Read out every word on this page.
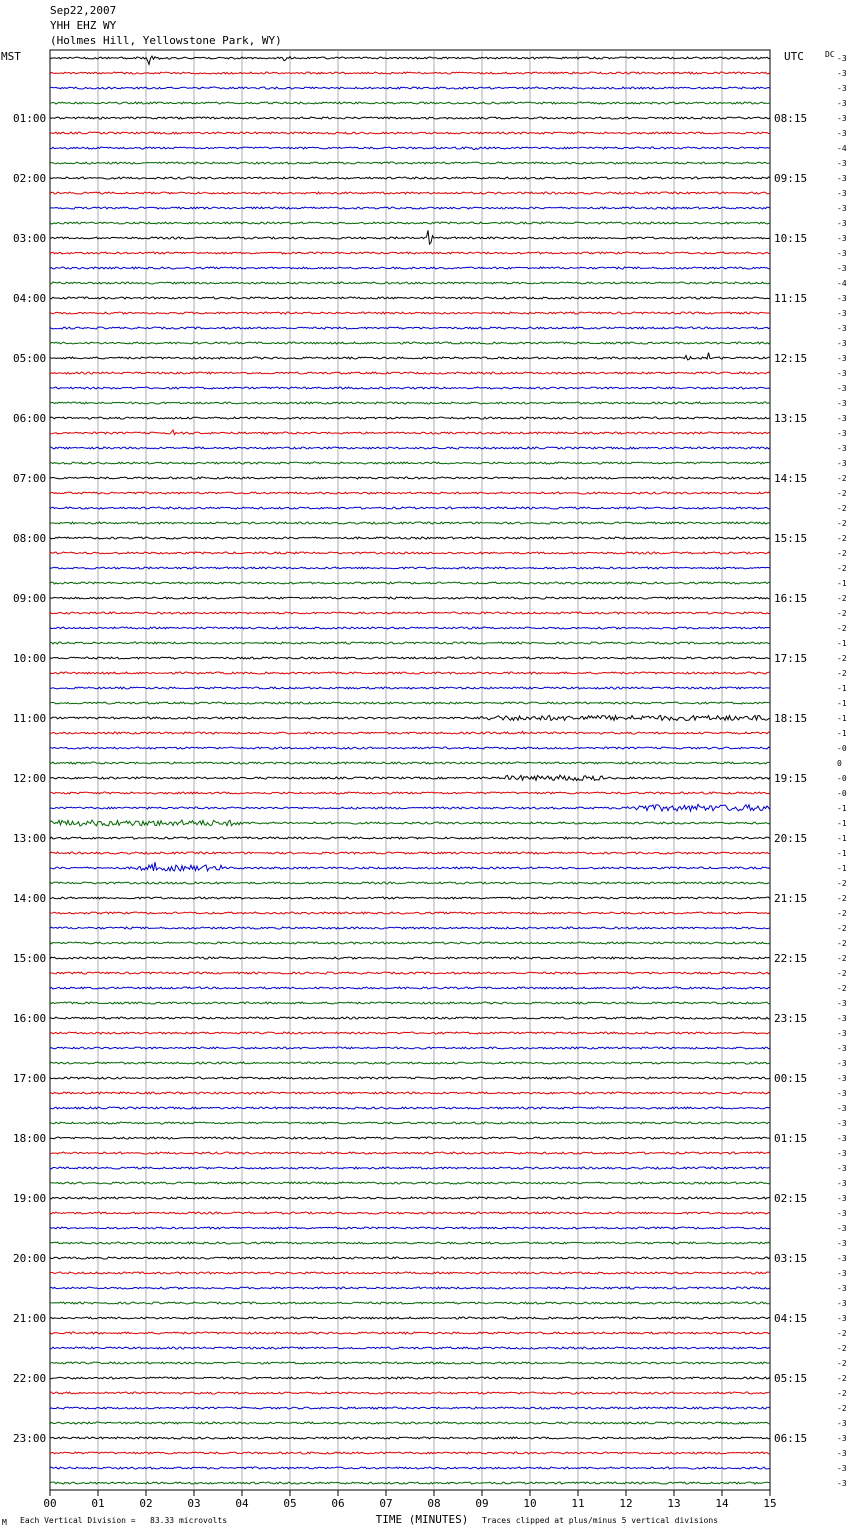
Sep22,2007
YHH EHZ WY
(Holmes Hill, Yellowstone Park, WY)
MST	UTC	-3
-3
-3
-3
-3
-3
-4
-3
-3
-3
-3
-3
-3
-3
-3
-4
-3
-3
-3
-3
-3
-3
-3
-3
-3
-3
-3
-3
-2
-2
-2
-2
-2
-2
-2
-1
-2
-2
-2
-1
-2
-2
-1
-1
-1
-1
-0
0
-0
-0
-1
-1
-1
-1
-1
-2
-2
-2
-2
-2
-2
-2
-2
-3
-3
-3
-3
-3
-3
-3
-3
-3
-3
-3
-3
-3
-3
-3
-3
-3
-3
-3
-3
-3
-3
-2
-2
-2
-2
-2
-2
-3
-3
-3
-3
-3
DC
01:00
02:00
03:00
04:00
05:00
06:00
07:00
08:00
09:00
10:00
11:00
12:00
13:00
14:00
15:00
16:00
17:00
18:00
19:00
20:00
21:00
22:00
23:00
08:15
09:15
10:15
11:15
12:15
13:15
14:15
15:15
16:15
17:15
18:15
19:15
20:15
21:15
22:15
23:15
00:15
01:15
02:15
03:15
04:15
05:15
06:15
00	01	02	03	04	05	06	07	08	09	10	11	12	13	14	15
TIME (MINUTES)
M Each Vertical Division =   83.33 microvolts	Traces clipped at plus/minus 5 vertical divisions
